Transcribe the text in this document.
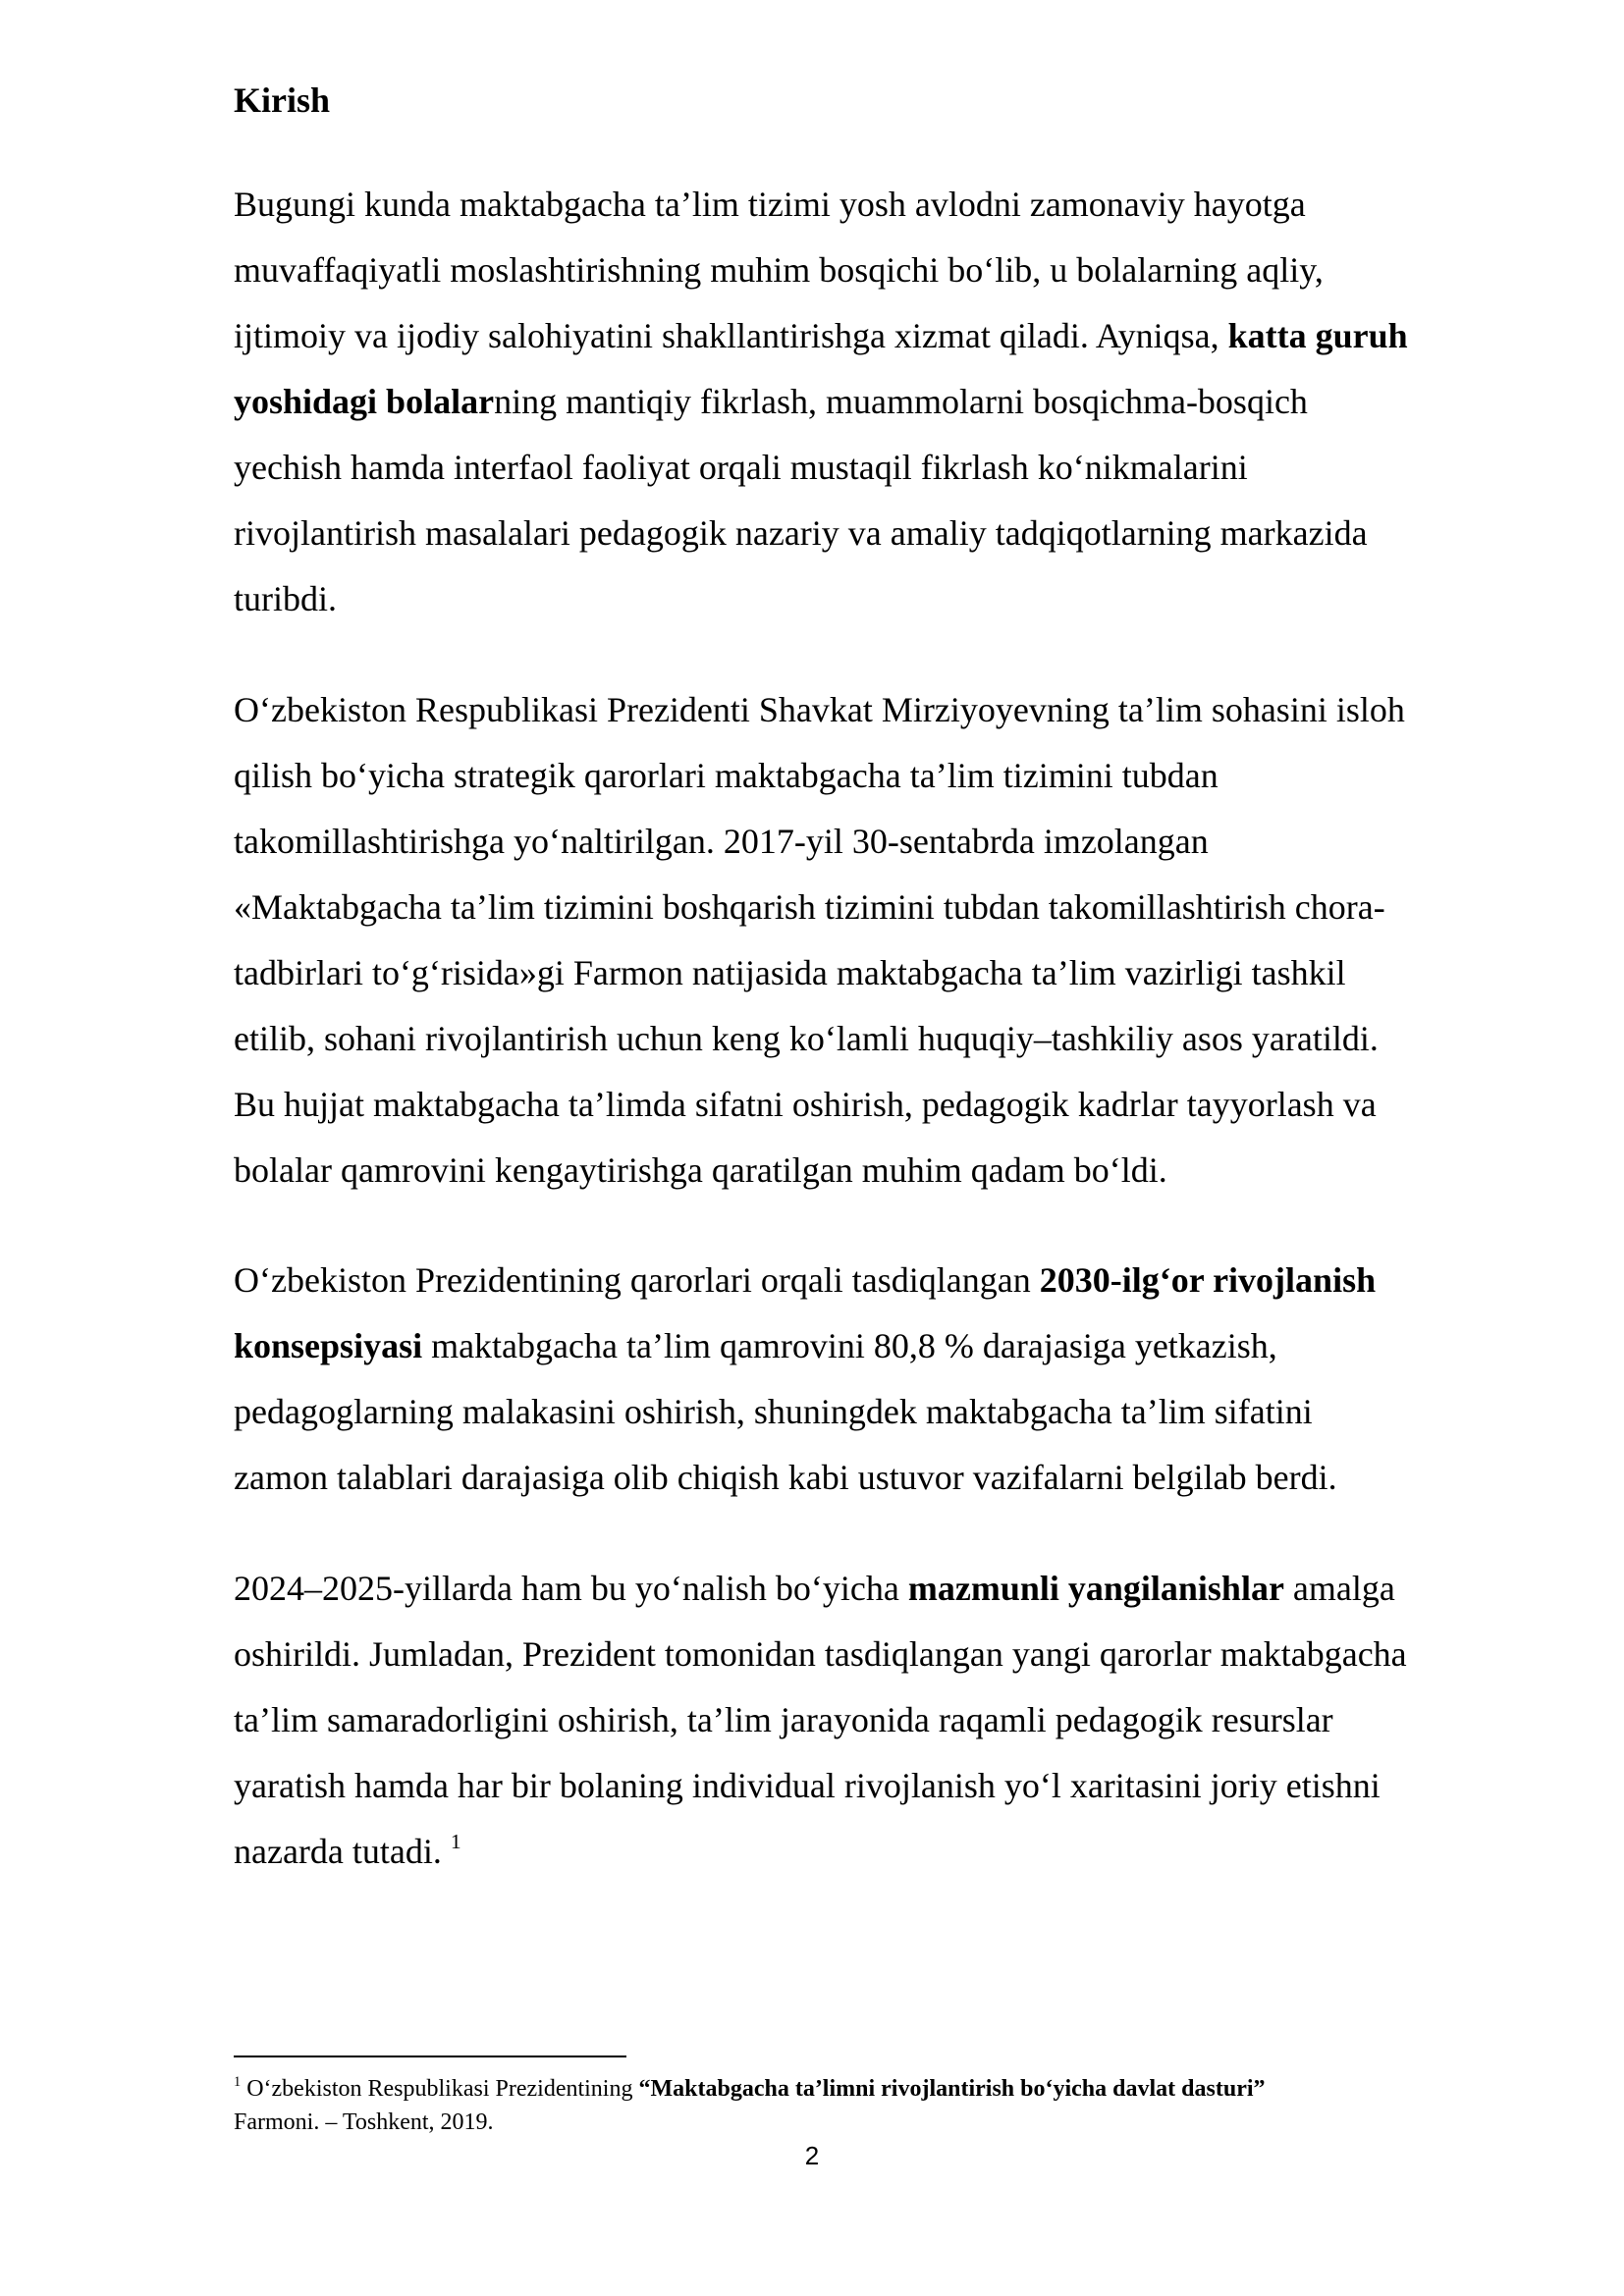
Kirish

Bugungi kunda maktabgacha ta’lim tizimi yosh avlodni zamonaviy hayotga
muvaffaqiyatli moslashtirishning muhim bosqichi bo‘lib, u bolalarning aqliy,
ijtimoiy va ijodiy salohiyatini shakllantirishga xizmat qiladi. Ayniqsa, katta guruh
yoshidagi bolalarning mantiqiy fikrlash, muammolarni bosqichma-bosqich
yechish hamda interfaol faoliyat orqali mustaqil fikrlash ko‘nikmalarini
rivojlantirish masalalari pedagogik nazariy va amaliy tadqiqotlarning markazida
turibdi.

O‘zbekiston Respublikasi Prezidenti Shavkat Mirziyoyevning ta’lim sohasini isloh
qilish bo‘yicha strategik qarorlari maktabgacha ta’lim tizimini tubdan
takomillashtirishga yo‘naltirilgan. 2017-yil 30-sentabrda imzolangan
«Maktabgacha ta’lim tizimini boshqarish tizimini tubdan takomillashtirish chora-
tadbirlari to‘g‘risida»gi Farmon natijasida maktabgacha ta’lim vazirligi tashkil
etilib, sohani rivojlantirish uchun keng ko‘lamli huquqiy–tashkiliy asos yaratildi.
Bu hujjat maktabgacha ta’limda sifatni oshirish, pedagogik kadrlar tayyorlash va
bolalar qamrovini kengaytirishga qaratilgan muhim qadam bo‘ldi.

O‘zbekiston Prezidentining qarorlari orqali tasdiqlangan 2030-ilg‘or rivojlanish
konsepsiyasi maktabgacha ta’lim qamrovini 80,8 % darajasiga yetkazish,
pedagoglarning malakasini oshirish, shuningdek maktabgacha ta’lim sifatini
zamon talablari darajasiga olib chiqish kabi ustuvor vazifalarni belgilab berdi.

2024–2025-yillarda ham bu yo‘nalish bo‘yicha mazmunli yangilanishlar amalga
oshirildi. Jumladan, Prezident tomonidan tasdiqlangan yangi qarorlar maktabgacha
ta’lim samaradorligini oshirish, ta’lim jarayonida raqamli pedagogik resurslar
yaratish hamda har bir bolaning individual rivojlanish yo‘l xaritasini joriy etishni
nazarda tutadi. $^1$

$^1$ O‘zbekiston Respublikasi Prezidentining “Maktabgacha ta’limni rivojlantirish bo‘yicha davlat dasturi”
Farmoni. – Toshkent, 2019.
2
